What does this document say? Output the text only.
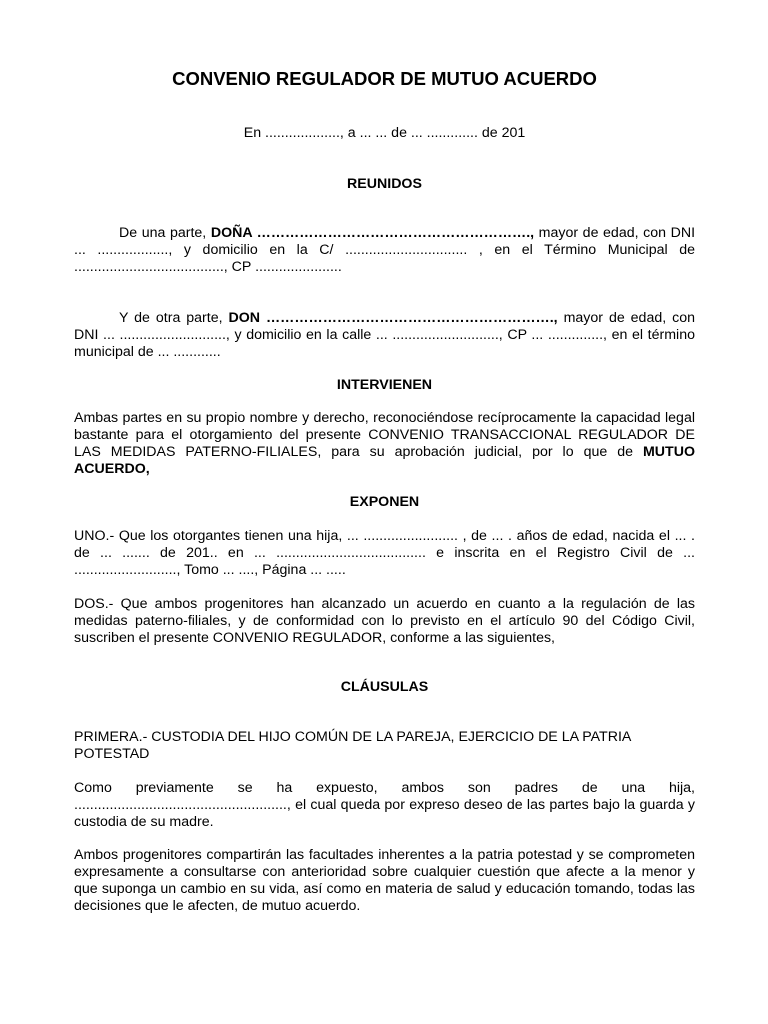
CONVENIO REGULADOR DE MUTUO ACUERDO
En ..................., a ... ... de ... ............. de 201
REUNIDOS

De una parte, DOÑA …………………………………………………., mayor de edad, con DNI ... .................., y domicilio en la C/ ............................... , en el Término Municipal de ......................................, CP ......................

Y de otra parte, DON ……………………………………………………., mayor de edad, con DNI ... ..........................., y domicilio en la calle ... ..........................., CP ... .............., en el término municipal de ... ............

INTERVIENEN

Ambas partes en su propio nombre y derecho, reconociéndose recíprocamente la capacidad legal bastante para el otorgamiento del presente CONVENIO TRANSACCIONAL REGULADOR DE LAS MEDIDAS PATERNO-FILIALES, para su aprobación judicial, por lo que de MUTUO ACUERDO,

EXPONEN

UNO.- Que los otorgantes tienen una hija, ... ........................ , de ... . años de edad, nacida el ... . de ... ....... de 201.. en ... ...................................... e inscrita en el Registro Civil de ... .........................., Tomo ... ...., Página ... .....

DOS.- Que ambos progenitores han alcanzado un acuerdo en cuanto a la regulación de las medidas paterno-filiales, y de conformidad con lo previsto en el artículo 90 del Código Civil, suscriben el presente CONVENIO REGULADOR, conforme a las siguientes,

CLÁUSULAS

PRIMERA.- CUSTODIA DEL HIJO COMÚN DE LA PAREJA, EJERCICIO DE LA PATRIA POTESTAD

Como previamente se ha expuesto, ambos son padres de una hija, ......................................................, el cual queda por expreso deseo de las partes bajo la guarda y custodia de su madre.

Ambos progenitores compartirán las facultades inherentes a la patria potestad y se comprometen expresamente a consultarse con anterioridad sobre cualquier cuestión que afecte a la menor y que suponga un cambio en su vida, así como en materia de salud y educación tomando, todas las decisiones que le afecten, de mutuo acuerdo.
